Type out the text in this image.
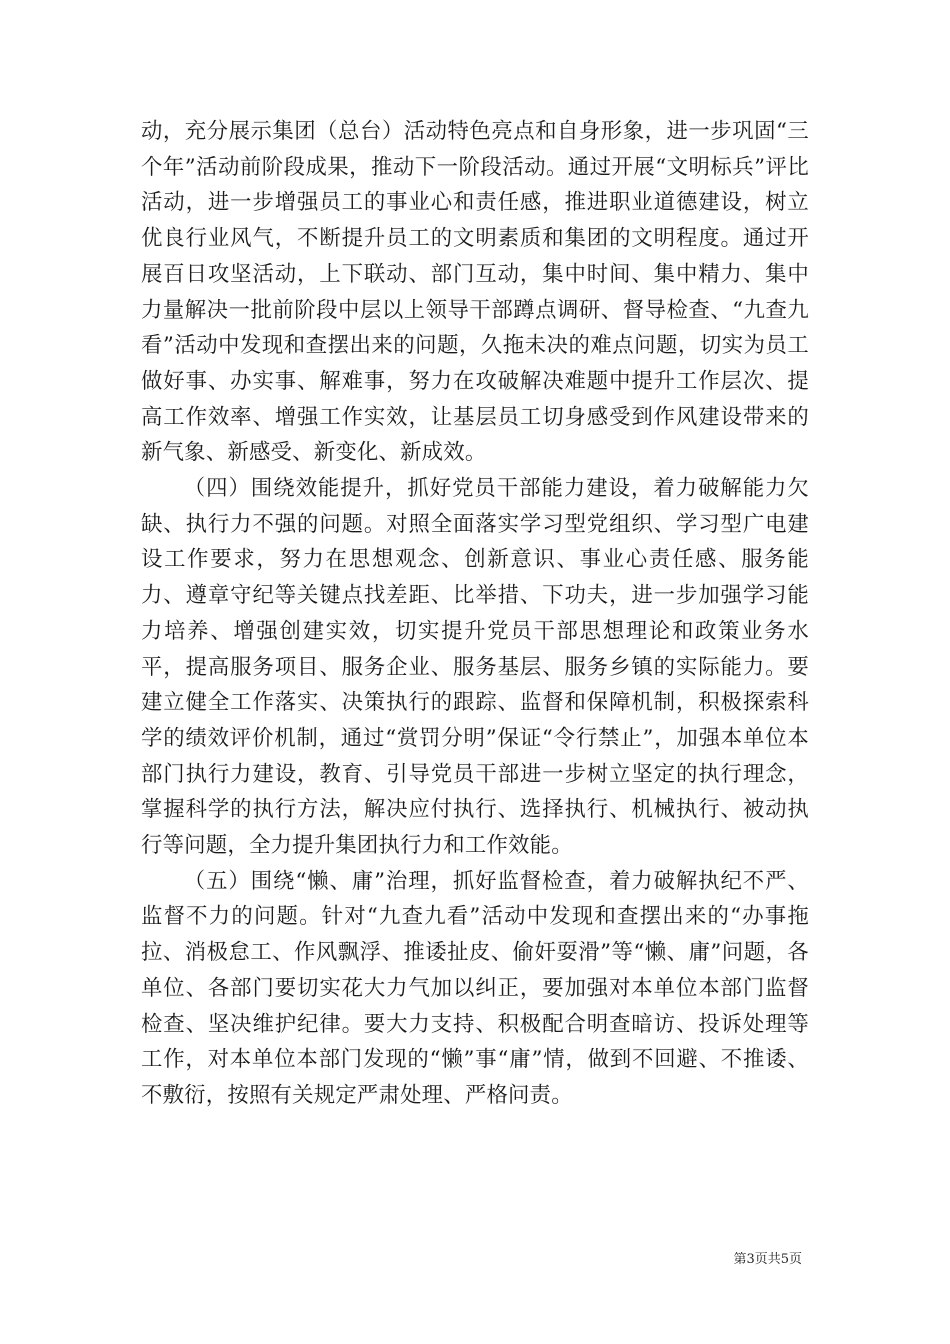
动，充分展示集团（总台）活动特色亮点和自身形象，进一步巩固“三个年”活动前阶段成果，推动下一阶段活动。通过开展“文明标兵”评比活动，进一步增强员工的事业心和责任感，推进职业道德建设，树立优良行业风气，不断提升员工的文明素质和集团的文明程度。通过开展百日攻坚活动，上下联动、部门互动，集中时间、集中精力、集中力量解决一批前阶段中层以上领导干部蹲点调研、督导检查、“九查九看”活动中发现和查摆出来的问题，久拖未决的难点问题，切实为员工做好事、办实事、解难事，努力在攻破解决难题中提升工作层次、提高工作效率、增强工作实效，让基层员工切身感受到作风建设带来的新气象、新感受、新变化、新成效。

（四）围绕效能提升，抓好党员干部能力建设，着力破解能力欠缺、执行力不强的问题。对照全面落实学习型党组织、学习型广电建设工作要求，努力在思想观念、创新意识、事业心责任感、服务能力、遵章守纪等关键点找差距、比举措、下功夫，进一步加强学习能力培养、增强创建实效，切实提升党员干部思想理论和政策业务水平，提高服务项目、服务企业、服务基层、服务乡镇的实际能力。要建立健全工作落实、决策执行的跟踪、监督和保障机制，积极探索科学的绩效评价机制，通过“赏罚分明”保证“令行禁止”，加强本单位本部门执行力建设，教育、引导党员干部进一步树立坚定的执行理念，掌握科学的执行方法，解决应付执行、选择执行、机械执行、被动执行等问题，全力提升集团执行力和工作效能。

（五）围绕“懒、庸”治理，抓好监督检查，着力破解执纪不严、监督不力的问题。针对“九查九看”活动中发现和查摆出来的“办事拖拉、消极怠工、作风飘浮、推诿扯皮、偷奸耍滑”等“懒、庸”问题，各单位、各部门要切实花大力气加以纠正，要加强对本单位本部门监督检查、坚决维护纪律。要大力支持、积极配合明查暗访、投诉处理等工作，对本单位本部门发现的“懒”事“庸”情，做到不回避、不推诿、不敷衍，按照有关规定严肃处理、严格问责。

第3页共5页
